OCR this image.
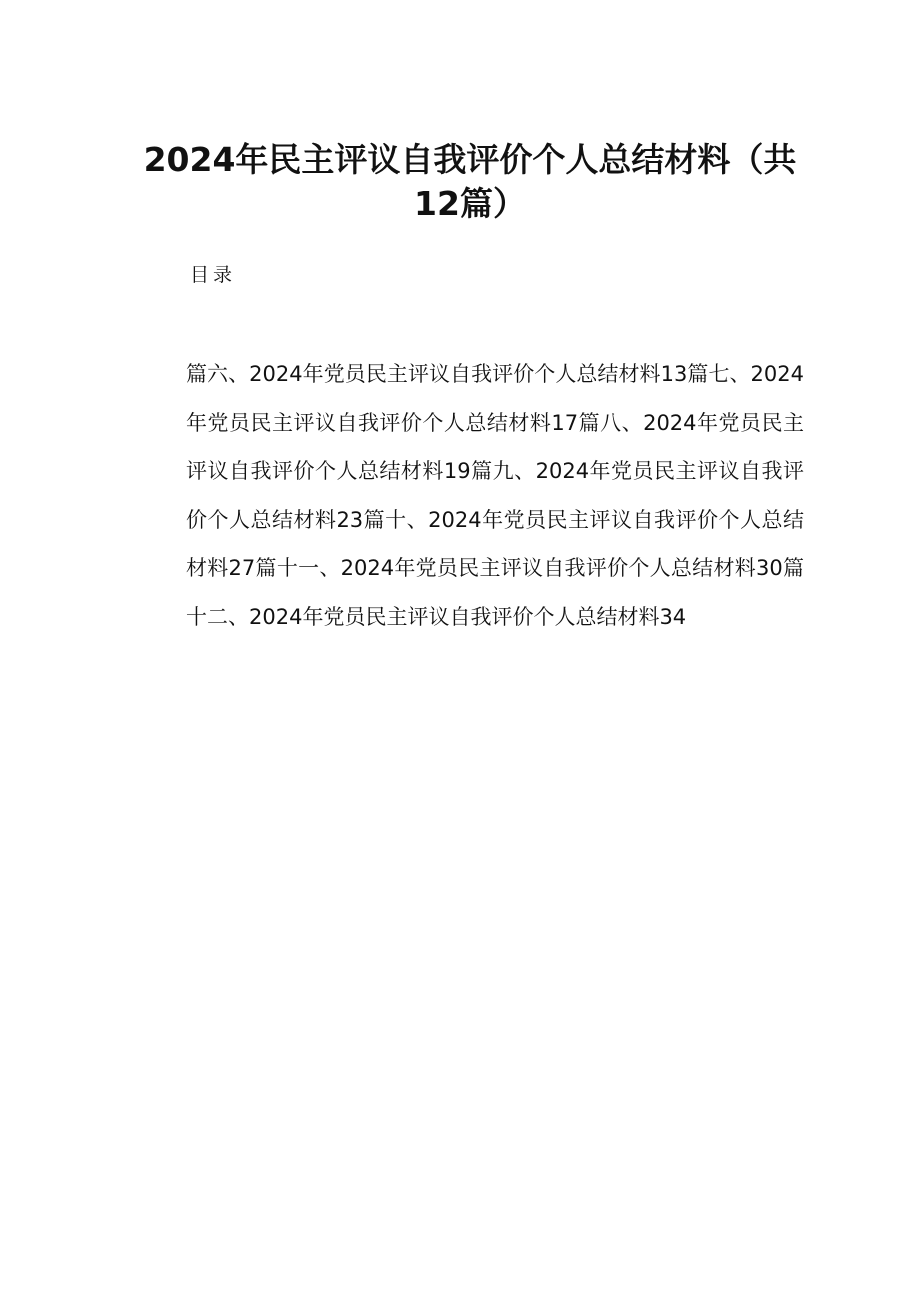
2024年民主评议自我评价个人总结材料（共12篇）
目录
篇六、2024年党员民主评议自我评价个人总结材料13篇七、2024年党员民主评议自我评价个人总结材料17篇八、2024年党员民主评议自我评价个人总结材料19篇九、2024年党员民主评议自我评价个人总结材料23篇十、2024年党员民主评议自我评价个人总结材料27篇十一、2024年党员民主评议自我评价个人总结材料30篇十二、2024年党员民主评议自我评价个人总结材料34
